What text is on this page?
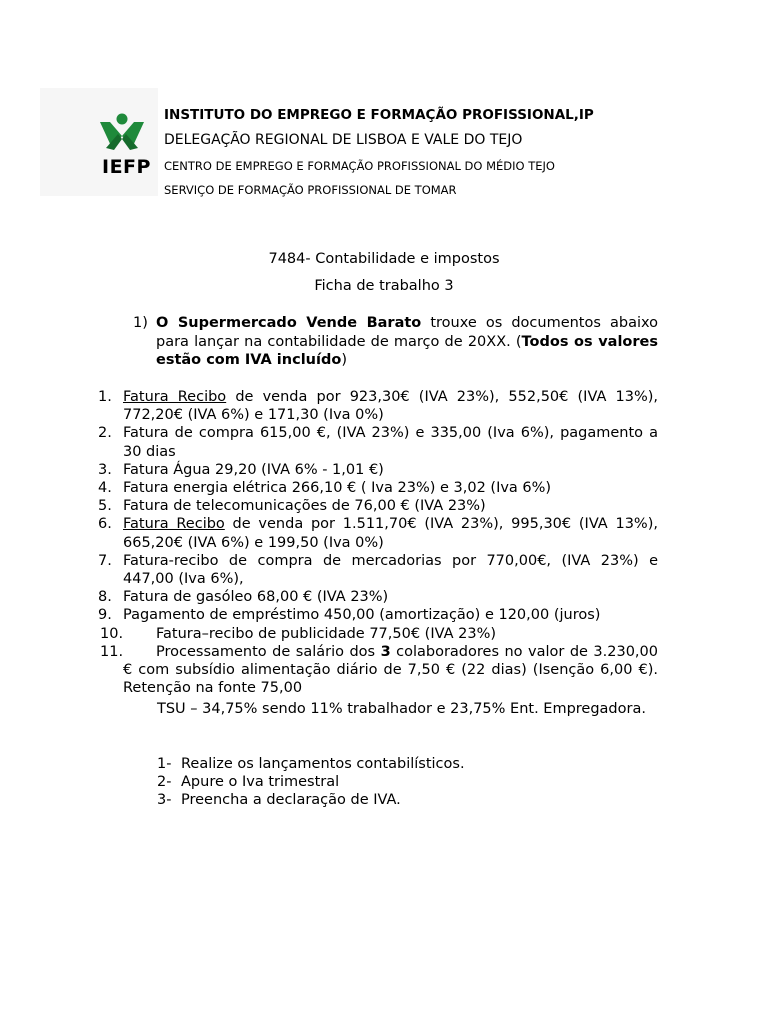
IEFP
INSTITUTO DO EMPREGO E FORMAÇÃO PROFISSIONAL,IP
DELEGAÇÃO REGIONAL DE LISBOA E VALE DO TEJO
CENTRO DE EMPREGO E FORMAÇÃO PROFISSIONAL DO MÉDIO TEJO
SERVIÇO DE FORMAÇÃO PROFISSIONAL DE TOMAR
7484- Contabilidade e impostos
Ficha de trabalho 3
1) O Supermercado Vende Barato trouxe os documentos abaixo para lançar na contabilidade de março de 20XX. (Todos os valores estão com IVA incluído)
1. Fatura Recibo de venda por 923,30€ (IVA 23%), 552,50€ (IVA 13%), 772,20€ (IVA 6%) e 171,30 (Iva 0%)
2. Fatura de compra 615,00 €, (IVA 23%) e 335,00 (Iva 6%), pagamento a 30 dias
3. Fatura Água 29,20 (IVA 6% - 1,01 €)
4. Fatura energia elétrica 266,10 € ( Iva 23%) e 3,02 (Iva 6%)
5. Fatura de telecomunicações de 76,00 € (IVA 23%)
6. Fatura Recibo de venda por 1.511,70€ (IVA 23%), 995,30€ (IVA 13%), 665,20€ (IVA 6%) e 199,50 (Iva 0%)
7. Fatura-recibo de compra de mercadorias por 770,00€, (IVA 23%) e 447,00 (Iva 6%),
8. Fatura de gasóleo 68,00 € (IVA 23%)
9. Pagamento de empréstimo 450,00 (amortização) e 120,00 (juros)
10.	Fatura–recibo de publicidade 77,50€ (IVA 23%)
11.	Processamento de salário dos 3 colaboradores no valor de 3.230,00 € com subsídio alimentação diário de 7,50 € (22 dias) (Isenção 6,00 €). Retenção na fonte 75,00
TSU – 34,75% sendo 11% trabalhador e 23,75% Ent. Empregadora.
1- Realize os lançamentos contabilísticos.
2- Apure o Iva trimestral
3- Preencha a declaração de IVA.
